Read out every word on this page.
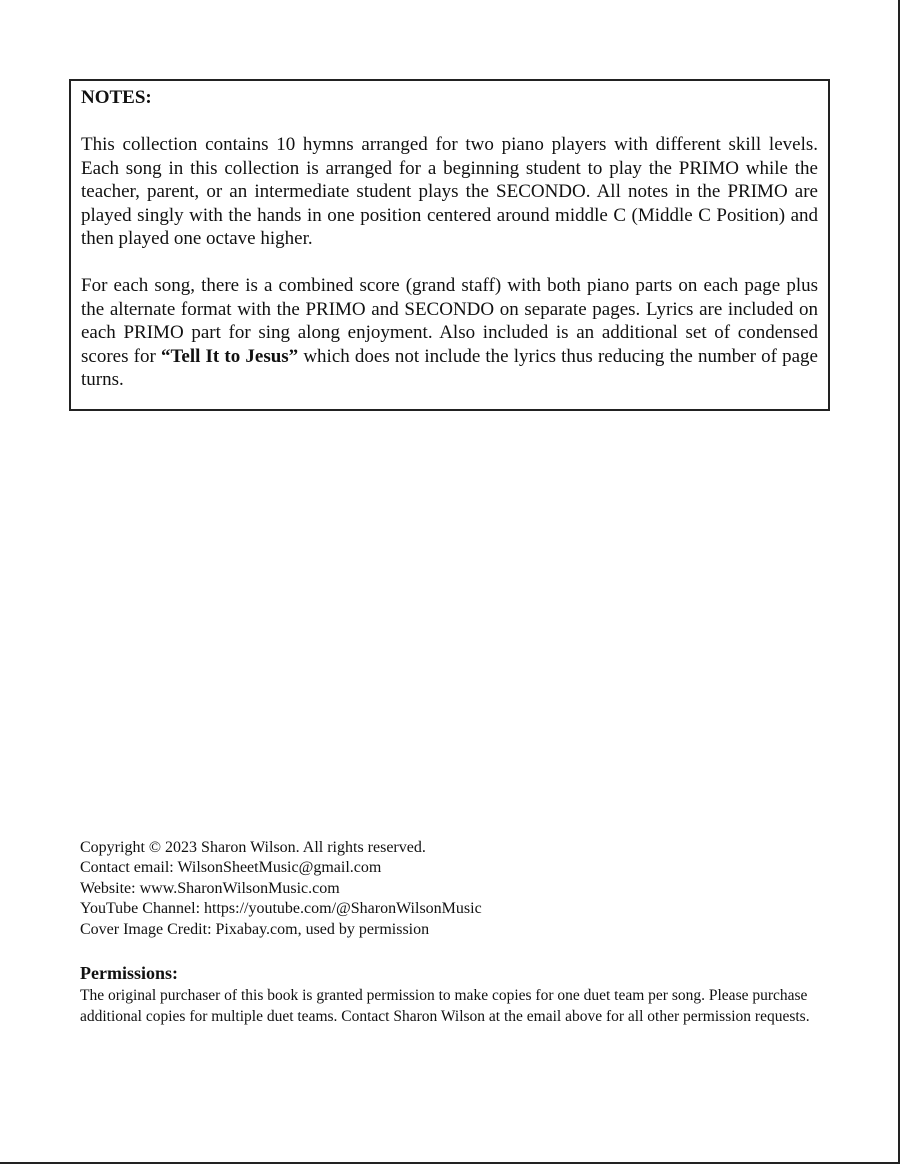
NOTES:

This collection contains 10 hymns arranged for two piano players with different skill levels. Each song in this collection is arranged for a beginning student to play the PRIMO while the teacher, parent, or an intermediate student plays the SECONDO. All notes in the PRIMO are played singly with the hands in one position centered around middle C (Middle C Position) and then played one octave higher.

For each song, there is a combined score (grand staff) with both piano parts on each page plus the alternate format with the PRIMO and SECONDO on separate pages. Lyrics are included on each PRIMO part for sing along enjoyment. Also included is an additional set of condensed scores for “Tell It to Jesus” which does not include the lyrics thus reducing the number of page turns.

Copyright © 2023 Sharon Wilson. All rights reserved.
Contact email: WilsonSheetMusic@gmail.com
Website: www.SharonWilsonMusic.com
YouTube Channel: https://youtube.com/@SharonWilsonMusic
Cover Image Credit: Pixabay.com, used by permission
Permissions:
The original purchaser of this book is granted permission to make copies for one duet team per song. Please purchase additional copies for multiple duet teams. Contact Sharon Wilson at the email above for all other permission requests.
